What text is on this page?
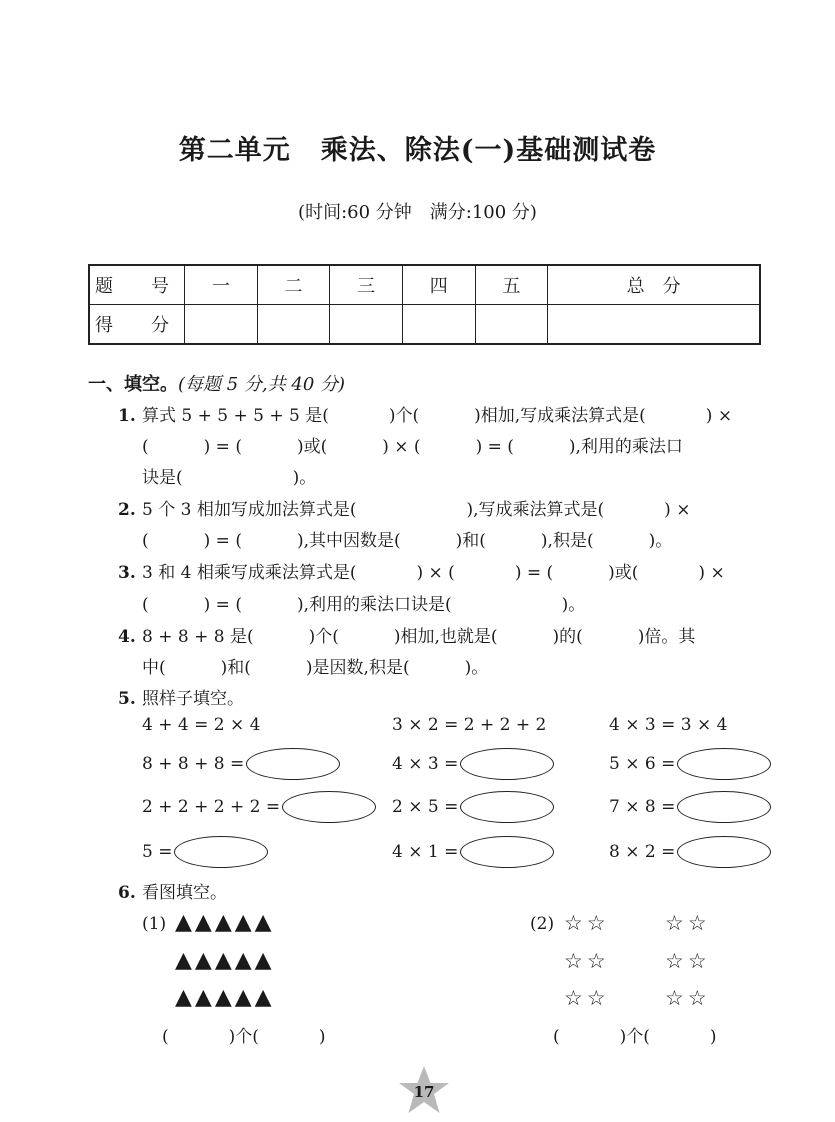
第二单元 乘法、除法(一)基础测试卷
(时间:60 分钟　满分:100 分)
题　号	一	二	三	四	五	总　分
得　分						
一、填空。(每题 5 分,共 40 分)
1. 算式 5 + 5 + 5 + 5 是(	)个(	)相加,写成乘法算式是(	) ×
(	) = (	)或(	) × (	) = (	),利用的乘法口
诀是(	)。
2. 5 个 3 相加写成加法算式是(	),写成乘法算式是(	) ×
(	) = (	),其中因数是(	)和(	),积是(	)。
3. 3 和 4 相乘写成乘法算式是(	) × (	) = (	)或(	) ×
(	) = (	),利用的乘法口诀是(	)。
4. 8 + 8 + 8 是(	)个(	)相加,也就是(	)的(	)倍。其
中(	)和(	)是因数,积是(	)。
5. 照样子填空。
4 + 4 = 2 × 4	3 × 2 = 2 + 2 + 2	4 × 3 = 3 × 4
8 + 8 + 8 =	4 × 3 =	5 × 6 =
2 + 2 + 2 + 2 =	2 × 5 =	7 × 8 =
5 =	4 × 1 =	8 × 2 =
6. 看图填空。
(1) ▲▲▲▲▲
▲▲▲▲▲
▲▲▲▲▲
(	)个(	)
(2) ☆☆	☆☆
☆☆	☆☆
☆☆	☆☆
(	)个(	)
17
